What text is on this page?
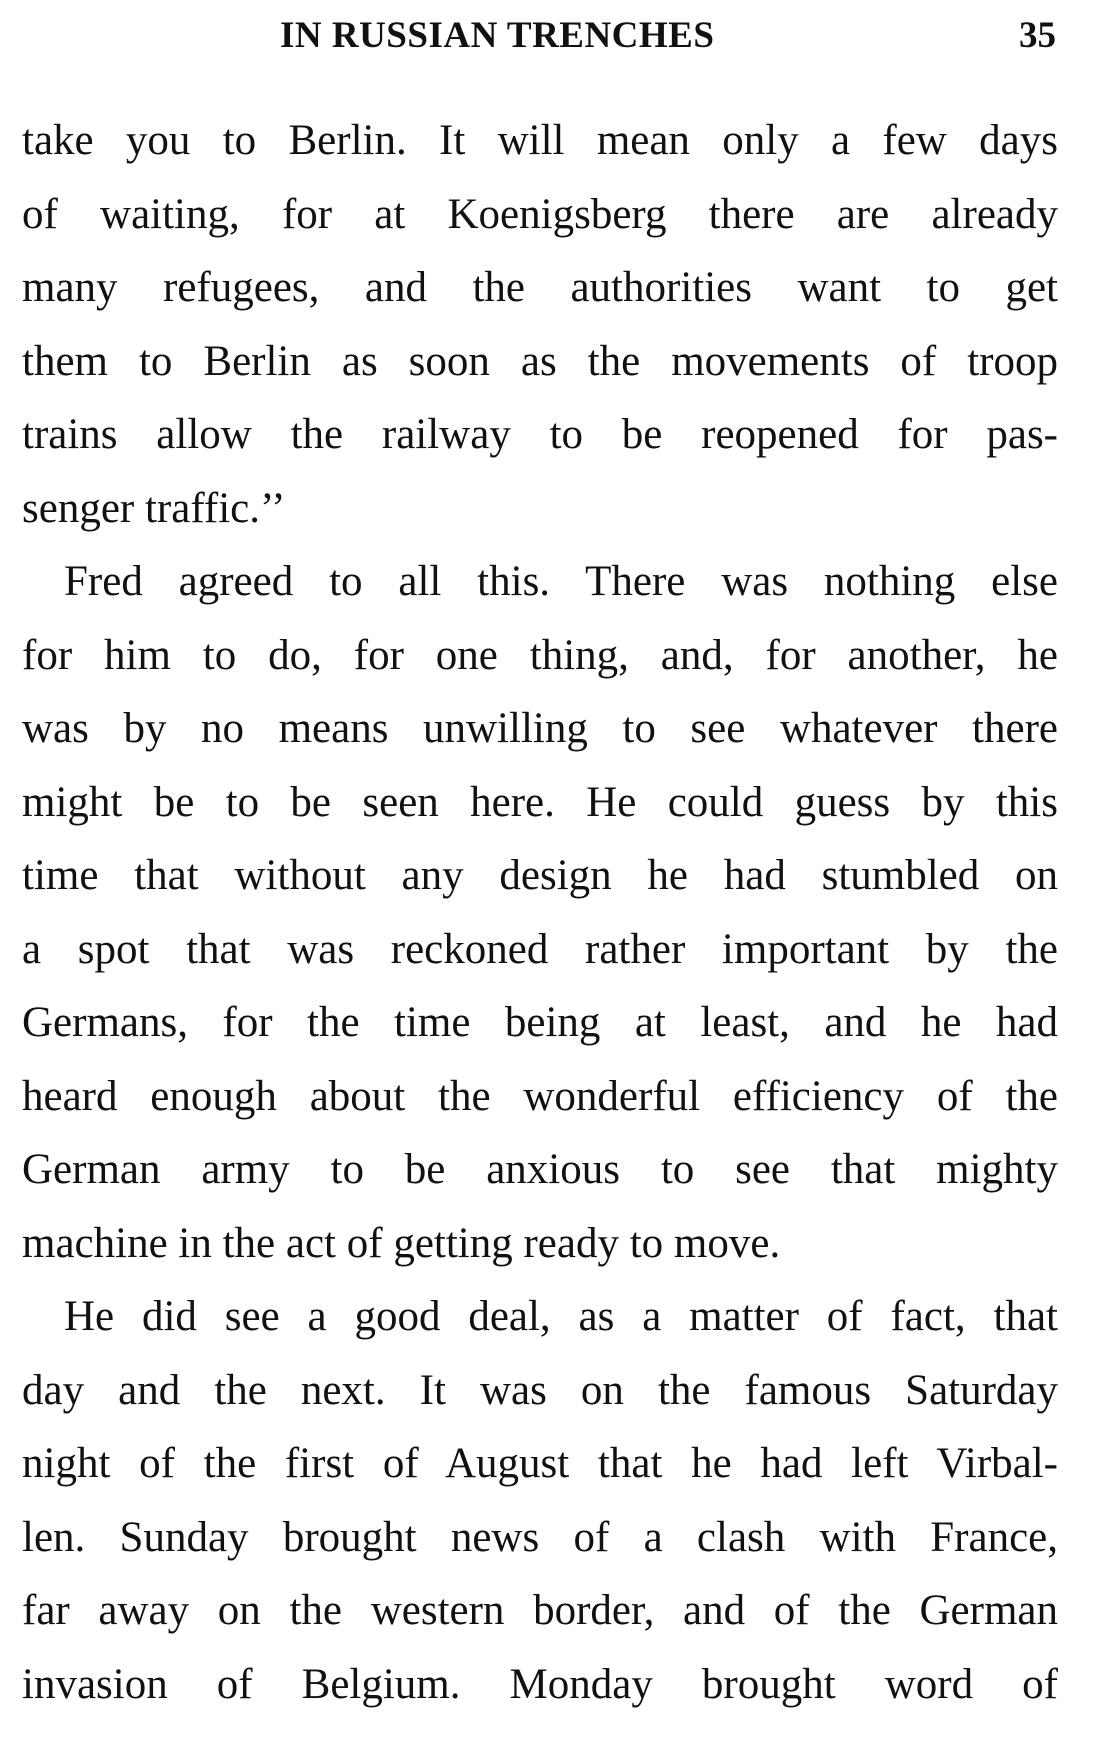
IN RUSSIAN TRENCHES	35
take you to Berlin. It will mean only a few days
of waiting, for at Koenigsberg there are already
many refugees, and the authorities want to get
them to Berlin as soon as the movements of troop
trains allow the railway to be reopened for pas-
senger traffic.’’
Fred agreed to all this. There was nothing else
for him to do, for one thing, and, for another, he
was by no means unwilling to see whatever there
might be to be seen here. He could guess by this
time that without any design he had stumbled on
a spot that was reckoned rather important by the
Germans, for the time being at least, and he had
heard enough about the wonderful efficiency of the
German army to be anxious to see that mighty
machine in the act of getting ready to move.
He did see a good deal, as a matter of fact, that
day and the next. It was on the famous Saturday
night of the first of August that he had left Virbal-
len. Sunday brought news of a clash with France,
far away on the western border, and of the German
invasion of Belgium. Monday brought word of
